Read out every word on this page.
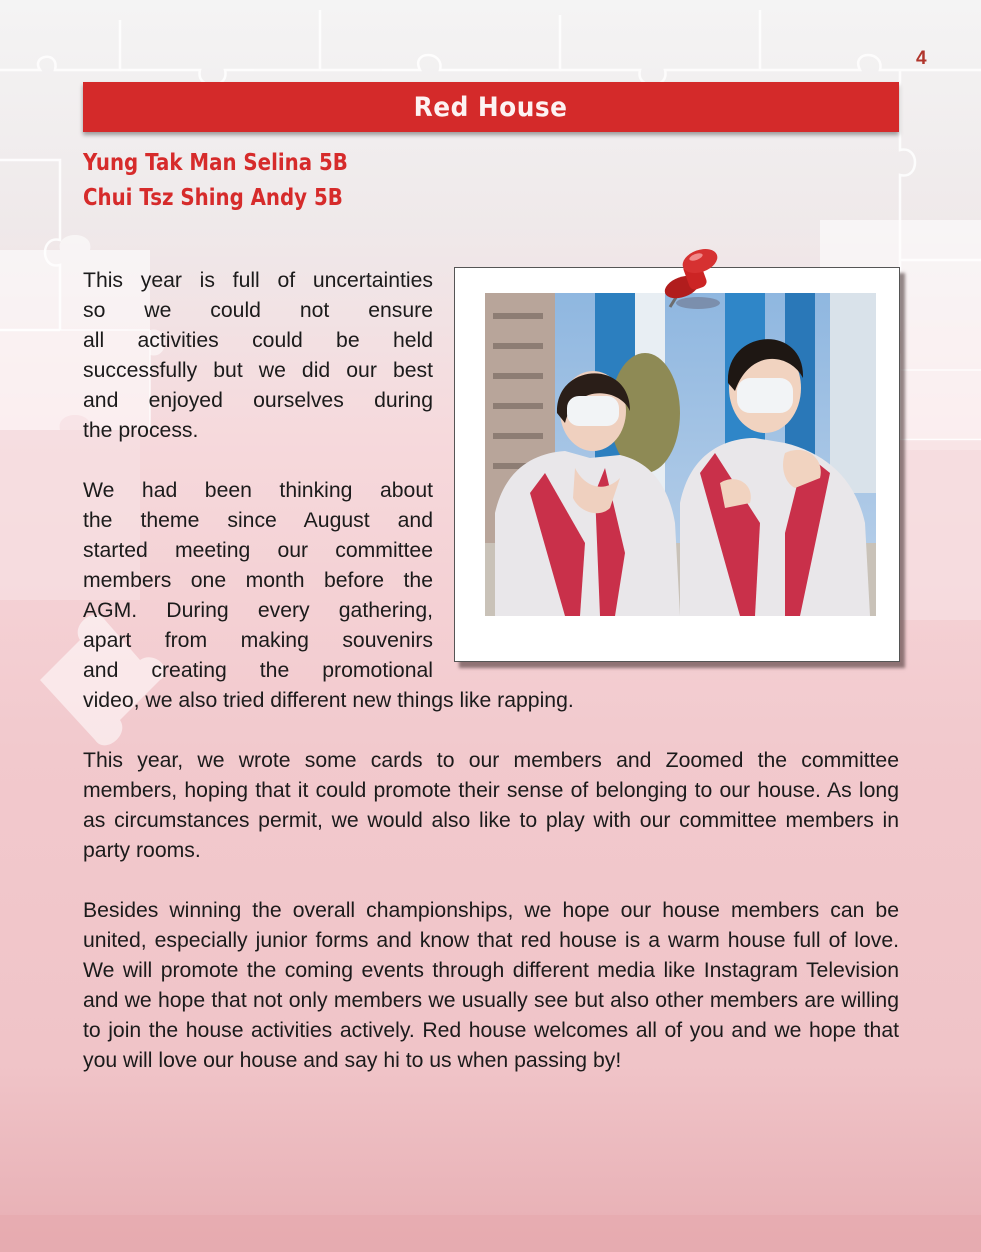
4
Red House
Yung Tak Man Selina 5B
Chui Tsz Shing Andy 5B
This year is full of uncertainties
so we could not ensure
all activities could be held
successfully but we did our best
and enjoyed ourselves during
the process.
We had been thinking about
the theme since August and
started meeting our committee
members one month before the
AGM. During every gathering,
apart from making souvenirs
and creating the promotional
video, we also tried different new things like rapping.
This year, we wrote some cards to our members and Zoomed the committee members, hoping that it could promote their sense of belonging to our house. As long as circumstances permit, we would also like to play with our committee members in party rooms.
Besides winning the overall championships, we hope our house members can be united, especially junior forms and know that red house is a warm house full of love. We will promote the coming events through different media like Instagram Television and we hope that not only members we usually see but also other members are willing to join the house activities actively. Red house welcomes all of you and we hope that you will love our house and say hi to us when passing by!
